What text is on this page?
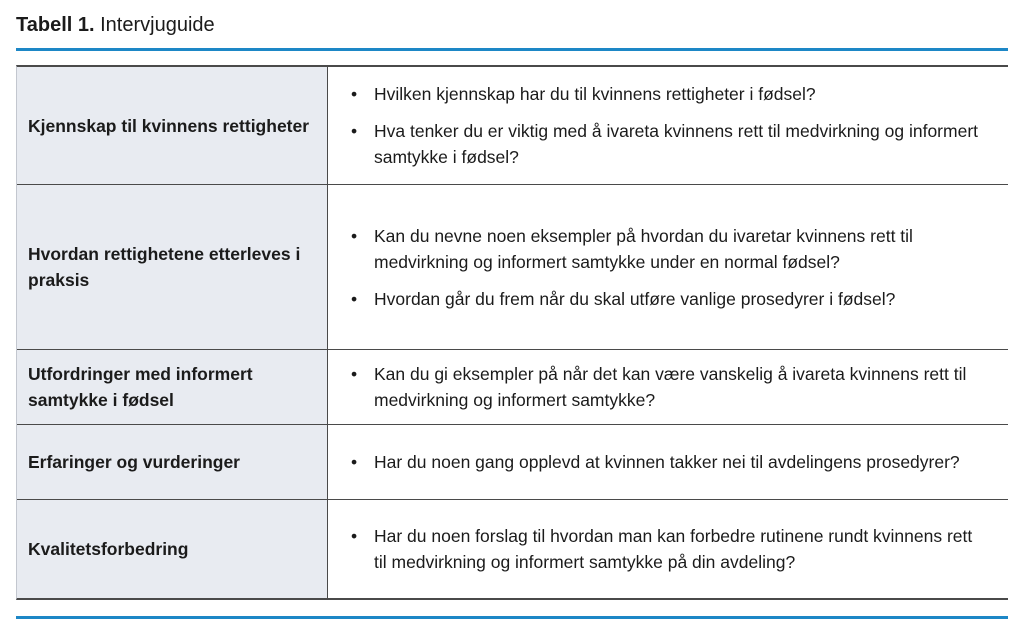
Tabell 1. Intervjuguide

Kjennskap til kvinnens rettigheter
• Hvilken kjennskap har du til kvinnens rettigheter i fødsel?
• Hva tenker du er viktig med å ivareta kvinnens rett til medvirkning og informert samtykke i fødsel?
Hvordan rettighetene etterleves i praksis
• Kan du nevne noen eksempler på hvordan du ivaretar kvinnens rett til medvirkning og informert samtykke under en normal fødsel?
• Hvordan går du frem når du skal utføre vanlige prosedyrer i fødsel?
Utfordringer med informert samtykke i fødsel
• Kan du gi eksempler på når det kan være vanskelig å ivareta kvinnens rett til medvirkning og informert samtykke?
Erfaringer og vurderinger	• Har du noen gang opplevd at kvinnen takker nei til avdelingens prosedyrer?
Kvalitetsforbedring
• Har du noen forslag til hvordan man kan forbedre rutinene rundt kvinnens rett til medvirkning og informert samtykke på din avdeling?
